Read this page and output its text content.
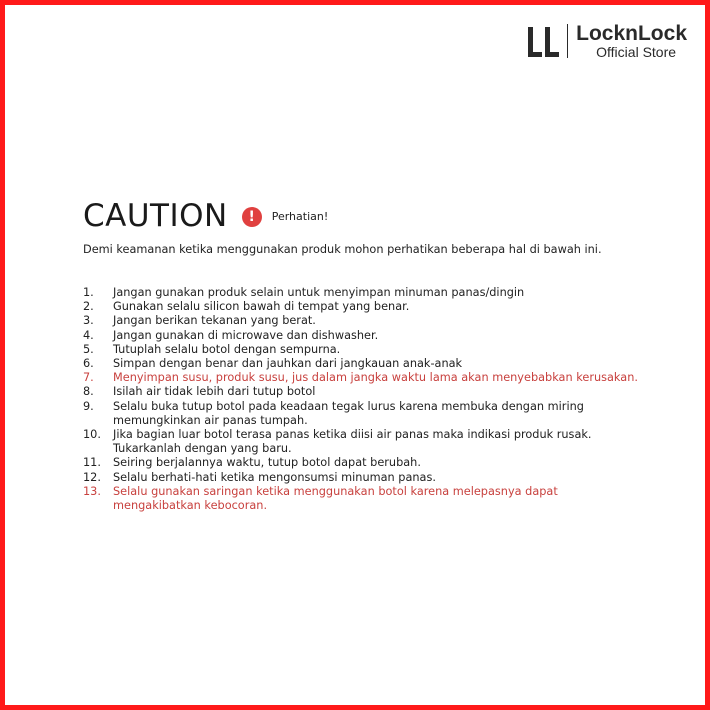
LocknLock
Official Store
CAUTION	!	Perhatian!
Demi keamanan ketika menggunakan produk mohon perhatikan beberapa hal di bawah ini.
1.	Jangan gunakan produk selain untuk menyimpan minuman panas/dingin
2.	Gunakan selalu silicon bawah di tempat yang benar.
3.	Jangan berikan tekanan yang berat.
4.	Jangan gunakan di microwave dan dishwasher.
5.	Tutuplah selalu botol dengan sempurna.
6.	Simpan dengan benar dan jauhkan dari jangkauan anak-anak
7.	Menyimpan susu, produk susu, jus dalam jangka waktu lama akan menyebabkan kerusakan.
8.	Isilah air tidak lebih dari tutup botol
9.	Selalu buka tutup botol pada keadaan tegak lurus karena membuka dengan miring
memungkinkan air panas tumpah.
10.	Jika bagian luar botol terasa panas ketika diisi air panas maka indikasi produk rusak.
Tukarkanlah dengan yang baru.
11.	Seiring berjalannya waktu, tutup botol dapat berubah.
12.	Selalu berhati-hati ketika mengonsumsi minuman panas.
13.	Selalu gunakan saringan ketika menggunakan botol karena melepasnya dapat
mengakibatkan kebocoran.
